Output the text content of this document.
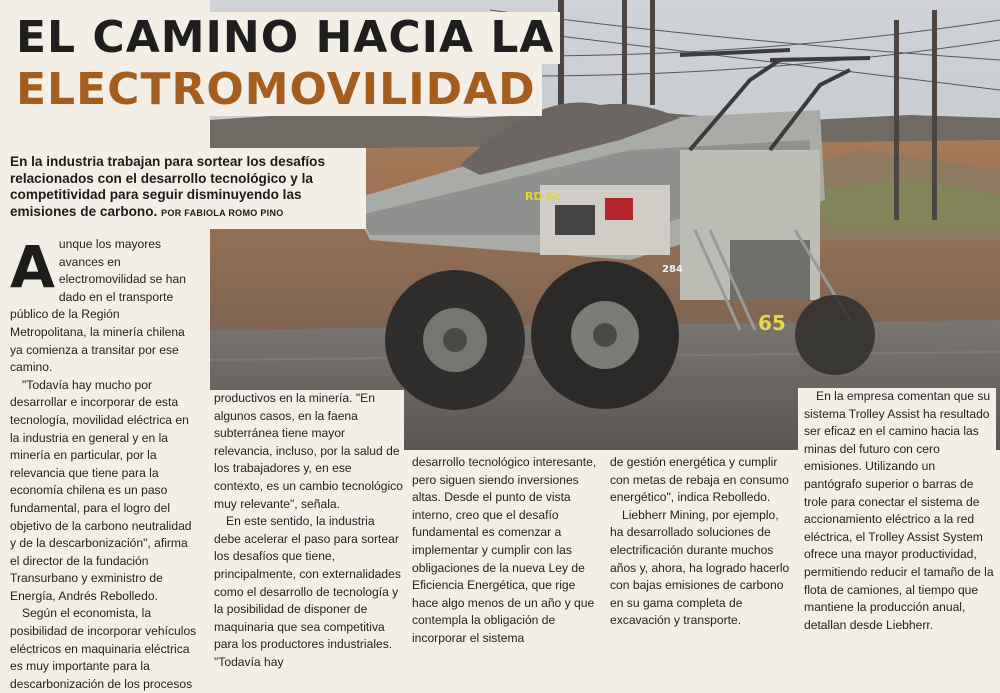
65
284
RD 6c
EL CAMINO HACIA LA
ELECTROMOVILIDAD
En la industria trabajan para sortear los desafíos relacionados con el desarrollo tecnológico y la competitividad para seguir disminuyendo las emisiones de carbono. POR FABIOLA ROMO PINO

A unque los mayores avances en electromovilidad se han dado en el transporte público de la Región Metropolitana, la minería chilena ya comienza a transitar por ese camino.

"Todavía hay mucho por desarrollar e incorporar de esta tecnología, movilidad eléctrica en la industria en general y en la minería en particular, por la relevancia que tiene para la economía chilena es un paso fundamental, para el logro del objetivo de la carbono neutralidad y de la descarbonización", afirma el director de la fundación Transurbano y exministro de Energía, Andrés Rebolledo.

Según el economista, la posibilidad de incorporar vehículos eléctricos en maquinaria eléctrica es muy importante para la descarbonización de los procesos

productivos en la minería. "En algunos casos, en la faena subterránea tiene mayor relevancia, incluso, por la salud de los trabajadores y, en ese contexto, es un cambio tecnológico muy relevante", señala.

En este sentido, la industria debe acelerar el paso para sortear los desafíos que tiene, principalmente, con externalidades como el desarrollo de tecnología y la posibilidad de disponer de maquinaria que sea competitiva para los productores industriales. "Todavía hay

desarrollo tecnológico interesante, pero siguen siendo inversiones altas. Desde el punto de vista interno, creo que el desafío fundamental es comenzar a implementar y cumplir con las obligaciones de la nueva Ley de Eficiencia Energética, que rige hace algo menos de un año y que contempla la obligación de incorporar el sistema

de gestión energética y cumplir con metas de rebaja en consumo energético", indica Rebolledo.

Liebherr Mining, por ejemplo, ha desarrollado soluciones de electrificación durante muchos años y, ahora, ha logrado hacerlo con bajas emisiones de carbono en su gama completa de excavación y transporte.

En la empresa comentan que su sistema Trolley Assist ha resultado ser eficaz en el camino hacia las minas del futuro con cero emisiones. Utilizando un pantógrafo superior o barras de trole para conectar el sistema de accionamiento eléctrico a la red eléctrica, el Trolley Assist System ofrece una mayor productividad, permitiendo reducir el tamaño de la flota de camiones, al tiempo que mantiene la producción anual, detallan desde Liebherr.
